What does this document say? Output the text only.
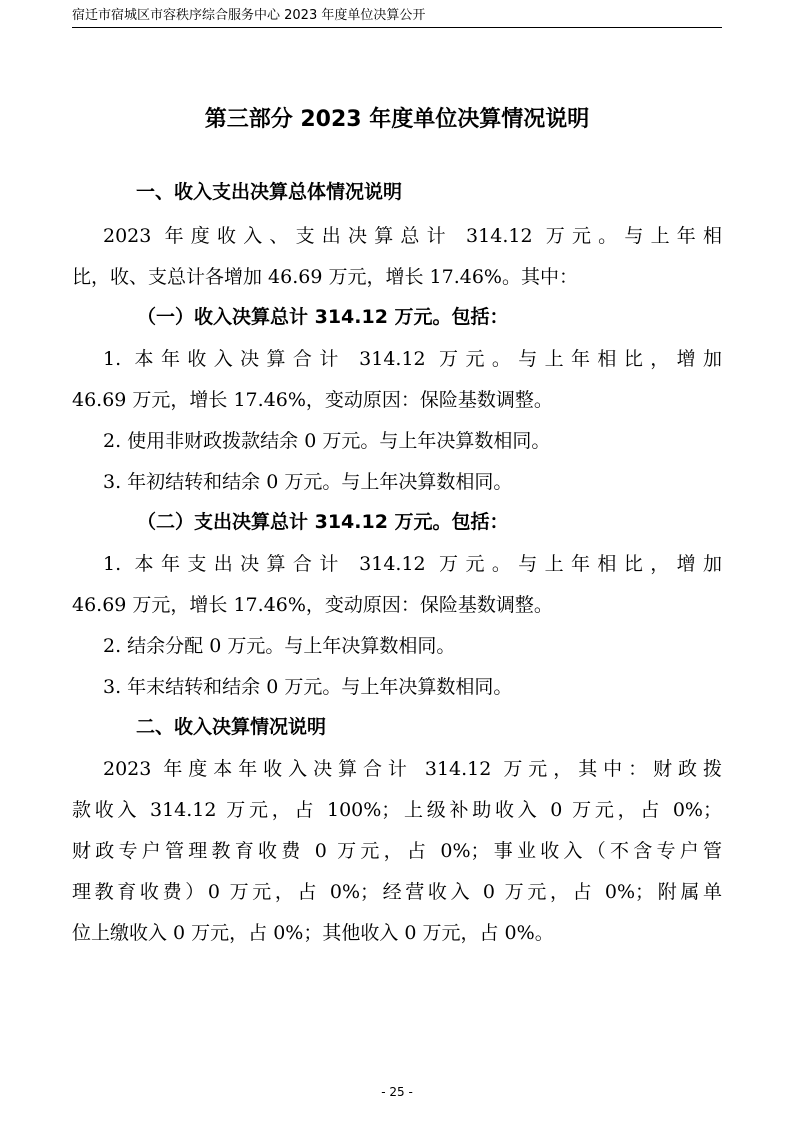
宿迁市宿城区市容秩序综合服务中心 2023 年度单位决算公开
第三部分 2023 年度单位决算情况说明
一、收入支出决算总体情况说明
2023 年度收入、支出决算总计 314.12 万元。与上年相
比，收、支总计各增加 46.69 万元，增长 17.46%。其中：
（一）收入决算总计 314.12 万元。包括：
1. 本年收入决算合计 314.12 万元。与上年相比，增加
46.69 万元，增长 17.46%，变动原因：保险基数调整。
2. 使用非财政拨款结余 0 万元。与上年决算数相同。
3. 年初结转和结余 0 万元。与上年决算数相同。
（二）支出决算总计 314.12 万元。包括：
1. 本年支出决算合计 314.12 万元。与上年相比，增加
46.69 万元，增长 17.46%，变动原因：保险基数调整。
2. 结余分配 0 万元。与上年决算数相同。
3. 年末结转和结余 0 万元。与上年决算数相同。
二、收入决算情况说明
2023 年度本年收入决算合计 314.12 万元，其中：财政拨
款收入 314.12 万元，占 100%；上级补助收入 0 万元，占 0%；
财政专户管理教育收费 0 万元，占 0%；事业收入（不含专户管
理教育收费）0 万元，占 0%；经营收入 0 万元，占 0%；附属单
位上缴收入 0 万元，占 0%；其他收入 0 万元，占 0%。
- 25 -
